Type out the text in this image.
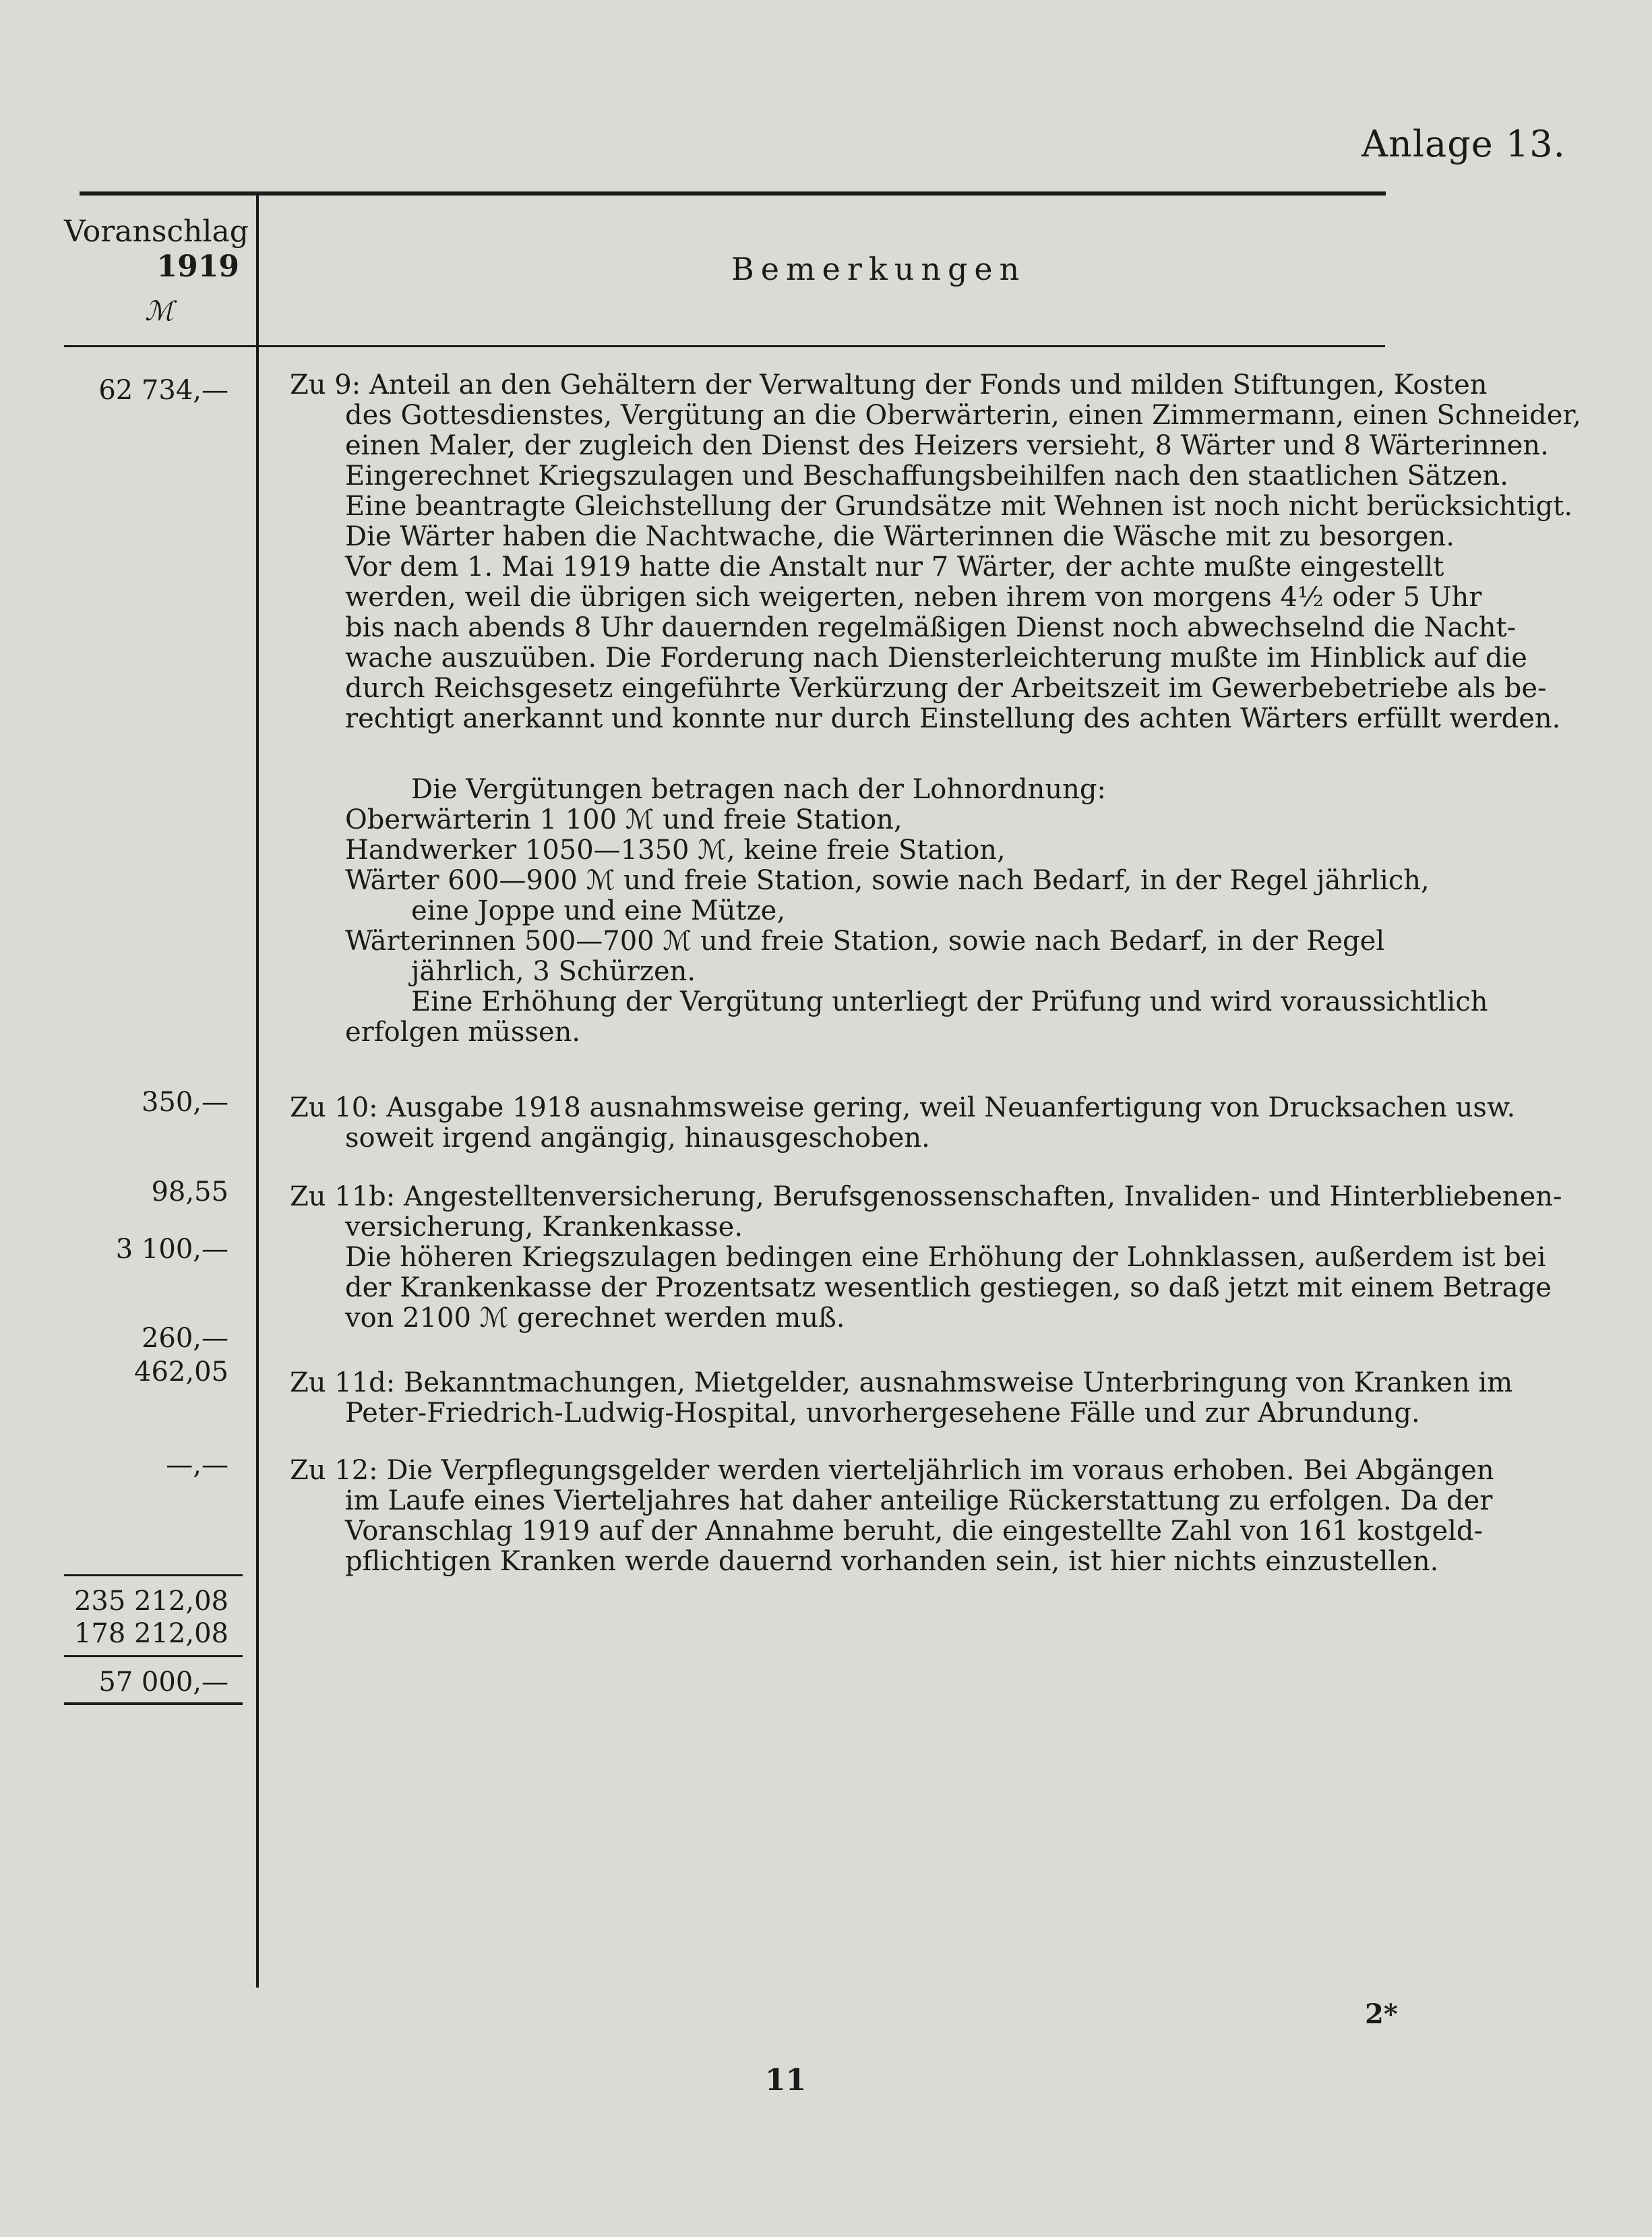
Anlage 13.
Voranschlag
1919
ℳ
Bemerkungen
62 734,—
350,—
98,55
3 100,—
260,—
462,05
—,—
235 212,08
178 212,08
57 000,—
Zu 9: Anteil an den Gehältern der Verwaltung der Fonds und milden Stiftungen, Kosten
des Gottesdienstes, Vergütung an die Oberwärterin, einen Zimmermann, einen Schneider,
einen Maler, der zugleich den Dienst des Heizers versieht, 8 Wärter und 8 Wärterinnen.
Eingerechnet Kriegszulagen und Beschaffungsbeihilfen nach den staatlichen Sätzen.
Eine beantragte Gleichstellung der Grundsätze mit Wehnen ist noch nicht berücksichtigt.
Die Wärter haben die Nachtwache, die Wärterinnen die Wäsche mit zu besorgen.
Vor dem 1. Mai 1919 hatte die Anstalt nur 7 Wärter, der achte mußte eingestellt
werden, weil die übrigen sich weigerten, neben ihrem von morgens 4½ oder 5 Uhr
bis nach abends 8 Uhr dauernden regelmäßigen Dienst noch abwechselnd die Nacht-
wache auszuüben. Die Forderung nach Diensterleichterung mußte im Hinblick auf die
durch Reichsgesetz eingeführte Verkürzung der Arbeitszeit im Gewerbebetriebe als be-
rechtigt anerkannt und konnte nur durch Einstellung des achten Wärters erfüllt werden.
Die Vergütungen betragen nach der Lohnordnung:
Oberwärterin 1 100 ℳ und freie Station,
Handwerker 1050—1350 ℳ, keine freie Station,
Wärter 600—900 ℳ und freie Station, sowie nach Bedarf, in der Regel jährlich,
eine Joppe und eine Mütze,
Wärterinnen 500—700 ℳ und freie Station, sowie nach Bedarf, in der Regel
jährlich, 3 Schürzen.
Eine Erhöhung der Vergütung unterliegt der Prüfung und wird voraussichtlich
erfolgen müssen.
Zu 10: Ausgabe 1918 ausnahmsweise gering, weil Neuanfertigung von Drucksachen usw.
soweit irgend angängig, hinausgeschoben.
Zu 11b: Angestelltenversicherung, Berufsgenossenschaften, Invaliden- und Hinterbliebenen-
versicherung, Krankenkasse.
Die höheren Kriegszulagen bedingen eine Erhöhung der Lohnklassen, außerdem ist bei
der Krankenkasse der Prozentsatz wesentlich gestiegen, so daß jetzt mit einem Betrage
von 2100 ℳ gerechnet werden muß.
Zu 11d: Bekanntmachungen, Mietgelder, ausnahmsweise Unterbringung von Kranken im
Peter-Friedrich-Ludwig-Hospital, unvorhergesehene Fälle und zur Abrundung.
Zu 12: Die Verpflegungsgelder werden vierteljährlich im voraus erhoben. Bei Abgängen
im Laufe eines Vierteljahres hat daher anteilige Rückerstattung zu erfolgen. Da der
Voranschlag 1919 auf der Annahme beruht, die eingestellte Zahl von 161 kostgeld-
pflichtigen Kranken werde dauernd vorhanden sein, ist hier nichts einzustellen.
2*
11
